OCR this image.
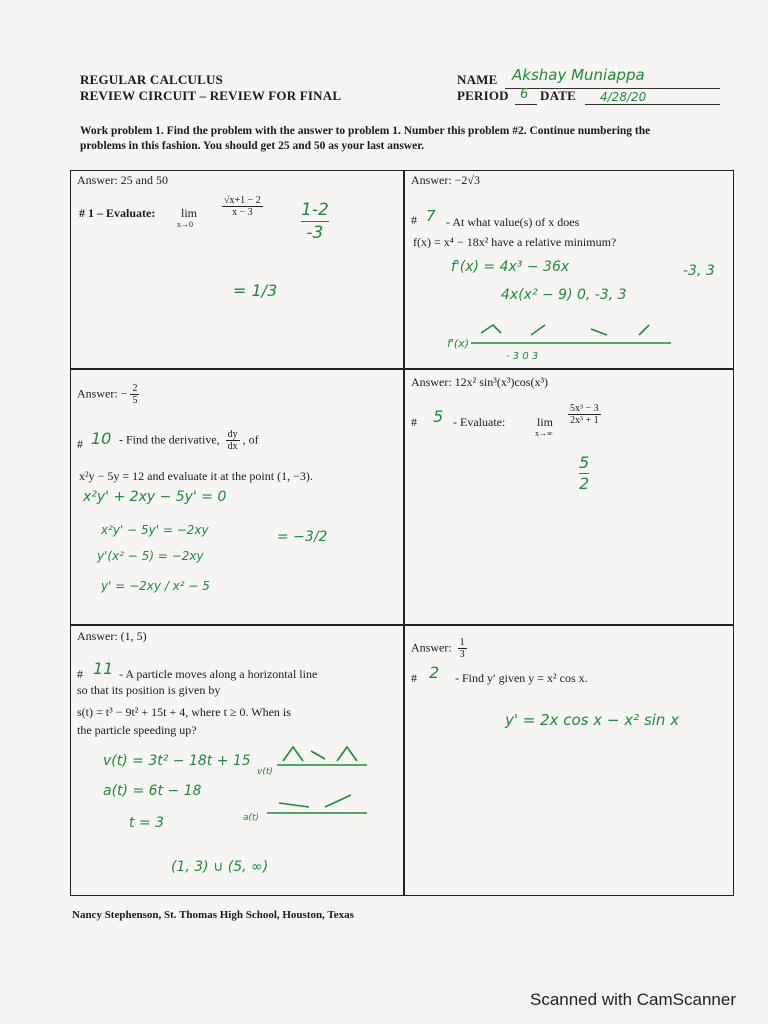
REGULAR CALCULUS
REVIEW CIRCUIT – REVIEW FOR FINAL
NAME Akshay Muniappa
PERIOD 6 DATE 4/28/20
Work problem 1. Find the problem with the answer to problem 1. Number this problem #2. Continue numbering the problems in this fashion. You should get 25 and 50 as your last answer.
Answer: 25 and 50
# 1 – Evaluate: lim
x→0
$\frac{√x+1 - 2}{x - 3} \frac{1-2}{-3}$
= 1/3
Answer: −2√3
# 7 - At what value(s) of x does
f(x) = x⁴ − 18x² have a relative minimum?
f'(x) = 4x³ − 36x
4x(x² − 9) 0, -3, 3
-3, 3
f'(x)
- 3 0 3
Answer: − $\frac{2}{5}$
# 10 - Find the derivative, $\frac{dy}{dx}$ , of
x²y − 5y = 12 and evaluate it at the point (1, −3).
x²y' + 2xy − 5y' = 0
x²y' − 5y' = −2xy
y'(x² − 5) = −2xy
y' = −2xy / x² − 5
= −3/2
Answer: 12x² sin³(x³)cos(x³)
# 5 - Evaluate:	lim
x→∞
$\frac{\text{5x³ − 3}}{\text{2x³ + 1}}$
$\frac{5}{2}$
Answer: (1, 5)
# 11 - A particle moves along a horizontal line
so that its position is given by
s(t) = t³ − 9t² + 15t + 4, where t ≥ 0. When is
the particle speeding up?
v(t) = 3t² − 18t + 15
a(t) = 6t − 18
t = 3
v(t)
a(t)
(1, 3) ∪ (5, ∞)
Answer: $\frac{1}{3}$
# 2 - Find y′ given y = x² cos x.
y' = 2x cos x − x² sin x
Nancy Stephenson, St. Thomas High School, Houston, Texas
Scanned with CamScanner
